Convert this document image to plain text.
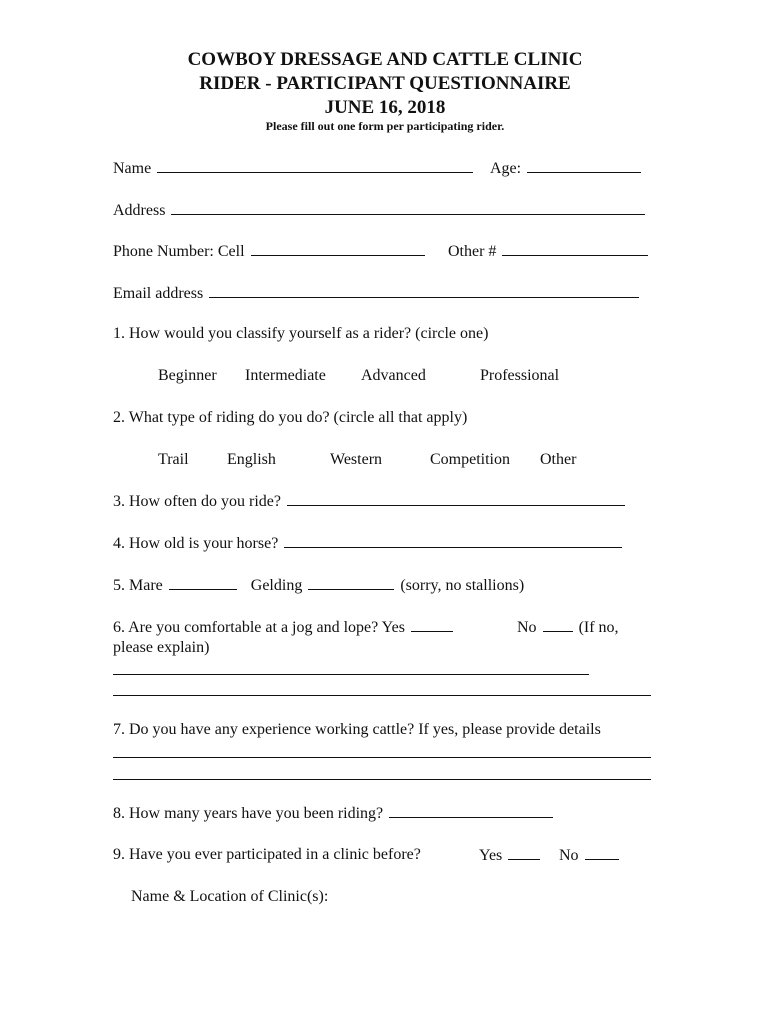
COWBOY DRESSAGE AND CATTLE CLINIC
RIDER - PARTICIPANT QUESTIONNAIRE
JUNE 16, 2018

Please fill out one form per participating rider.

Name	Age:
Address
Phone Number: Cell	Other #
Email address
1. How would you classify yourself as a rider? (circle one)
Beginner Intermediate Advanced	Professional
2. What type of riding do you do? (circle all that apply)
Trail English	Western	Competition Other
3. How often do you ride?
4. How old is your horse?
5. Mare	Gelding	(sorry, no stallions)
6. Are you comfortable at a jog and lope? Yes	No	(If no,
please explain)
7. Do you have any experience working cattle? If yes, please provide details
8. How many years have you been riding?
9. Have you ever participated in a clinic before?	Yes	No
Name & Location of Clinic(s):
